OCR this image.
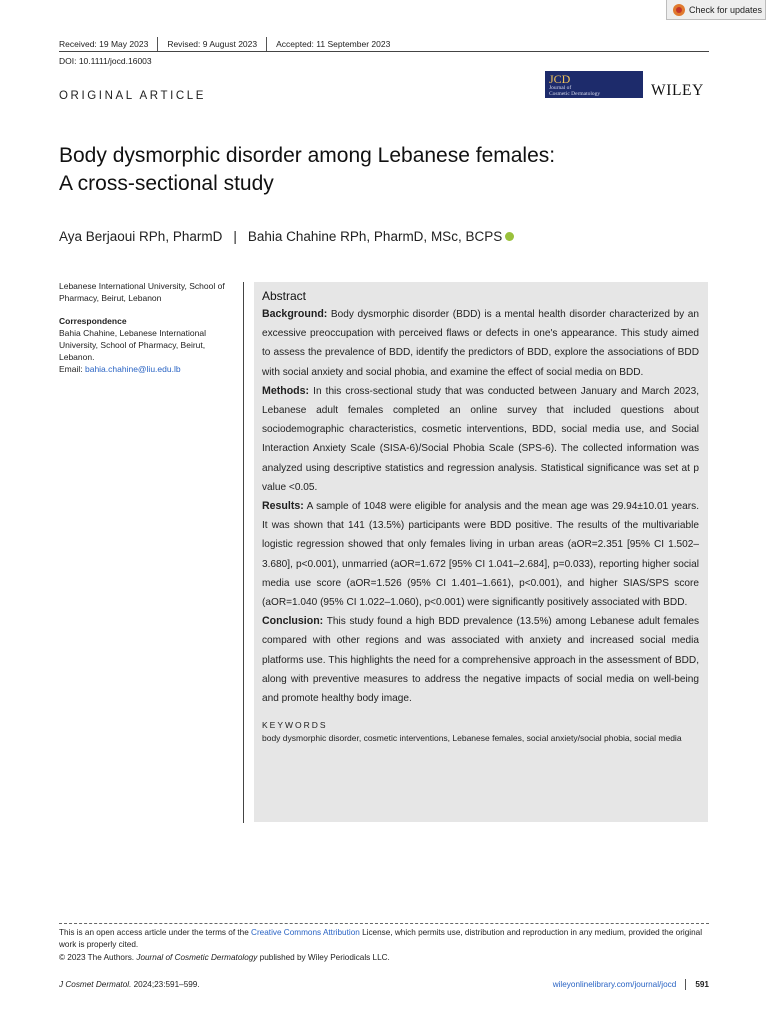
Check for updates
Received: 19 May 2023	Revised: 9 August 2023	Accepted: 11 September 2023
DOI: 10.1111/jocd.16003
ORIGINAL ARTICLE
JCD
Journal of
Cosmetic Dermatology	WILEY
Body dysmorphic disorder among Lebanese females:
A cross-sectional study
Aya Berjaoui RPh, PharmD | Bahia Chahine RPh, PharmD, MSc, BCPS
Lebanese International University, School of Pharmacy, Beirut, Lebanon
Correspondence
Bahia Chahine, Lebanese International University, School of Pharmacy, Beirut, Lebanon.
Email: bahia.chahine@liu.edu.lb
Abstract

Background: Body dysmorphic disorder (BDD) is a mental health disorder characterized by an excessive preoccupation with perceived flaws or defects in one's appearance. This study aimed to assess the prevalence of BDD, identify the predictors of BDD, explore the associations of BDD with social anxiety and social phobia, and examine the effect of social media on BDD.

Methods: In this cross-sectional study that was conducted between January and March 2023, Lebanese adult females completed an online survey that included questions about sociodemographic characteristics, cosmetic interventions, BDD, social media use, and Social Interaction Anxiety Scale (SISA-6)/Social Phobia Scale (SPS-6). The collected information was analyzed using descriptive statistics and regression analysis. Statistical significance was set at p value <0.05.

Results: A sample of 1048 were eligible for analysis and the mean age was 29.94±10.01 years. It was shown that 141 (13.5%) participants were BDD positive. The results of the multivariable logistic regression showed that only females living in urban areas (aOR=2.351 [95% CI 1.502–3.680], p<0.001), unmarried (aOR=1.672 [95% CI 1.041–2.684], p=0.033), reporting higher social media use score (aOR=1.526 (95% CI 1.401–1.661), p<0.001), and higher SIAS/SPS score (aOR=1.040 (95% CI 1.022–1.060), p<0.001) were significantly positively associated with BDD.

Conclusion: This study found a high BDD prevalence (13.5%) among Lebanese adult females compared with other regions and was associated with anxiety and increased social media platforms use. This highlights the need for a comprehensive approach in the assessment of BDD, along with preventive measures to address the negative impacts of social media on well-being and promote healthy body image.

KEYWORDS
body dysmorphic disorder, cosmetic interventions, Lebanese females, social anxiety/social phobia, social media
This is an open access article under the terms of the Creative Commons Attribution License, which permits use, distribution and reproduction in any medium, provided the original work is properly cited.
© 2023 The Authors. Journal of Cosmetic Dermatology published by Wiley Periodicals LLC.
J Cosmet Dermatol. 2024;23:591–599.	wileyonlinelibrary.com/journal/jocd	591
